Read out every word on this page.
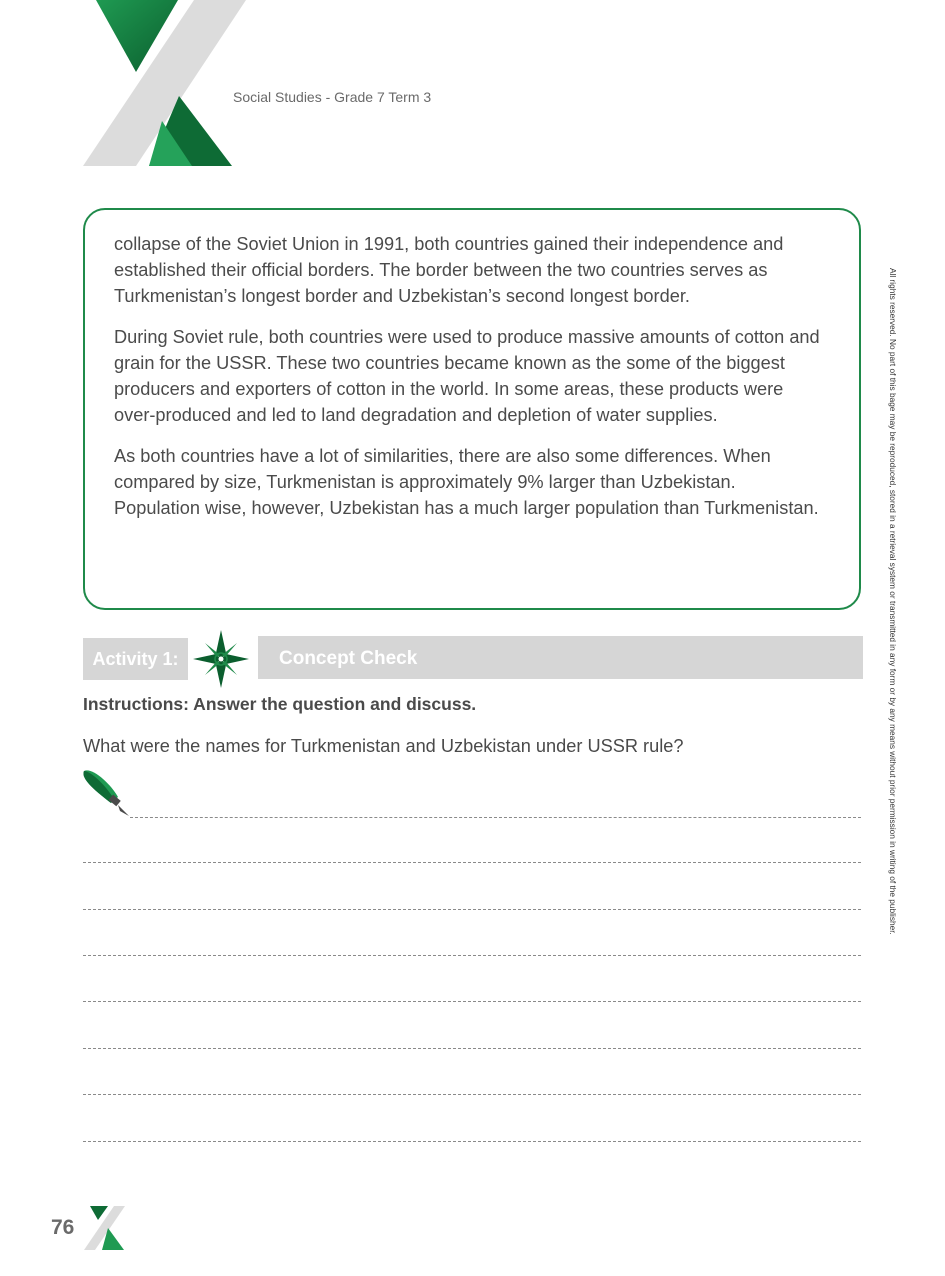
Social Studies - Grade 7 Term 3

collapse of the Soviet Union in 1991, both countries gained their independence and established their official borders. The border between the two countries serves as Turkmenistan’s longest border and Uzbekistan’s second longest border.

During Soviet rule, both countries were used to produce massive amounts of cotton and grain for the USSR. These two countries became known as the some of the biggest producers and exporters of cotton in the world. In some areas, these products were over-produced and led to land degradation and depletion of water supplies.

As both countries have a lot of similarities, there are also some differences. When compared by size, Turkmenistan is approximately 9% larger than Uzbekistan. Population wise, however, Uzbekistan has a much larger population than Turkmenistan.

Activity 1:	Concept Check
Instructions: Answer the question and discuss.
What were the names for Turkmenistan and Uzbekistan under USSR rule?	All rights reserved. No part of this bage may be reproduced, stored in a retrieval system or transmitted in any form or by any means without prior permission in writing of the publisher.
76
